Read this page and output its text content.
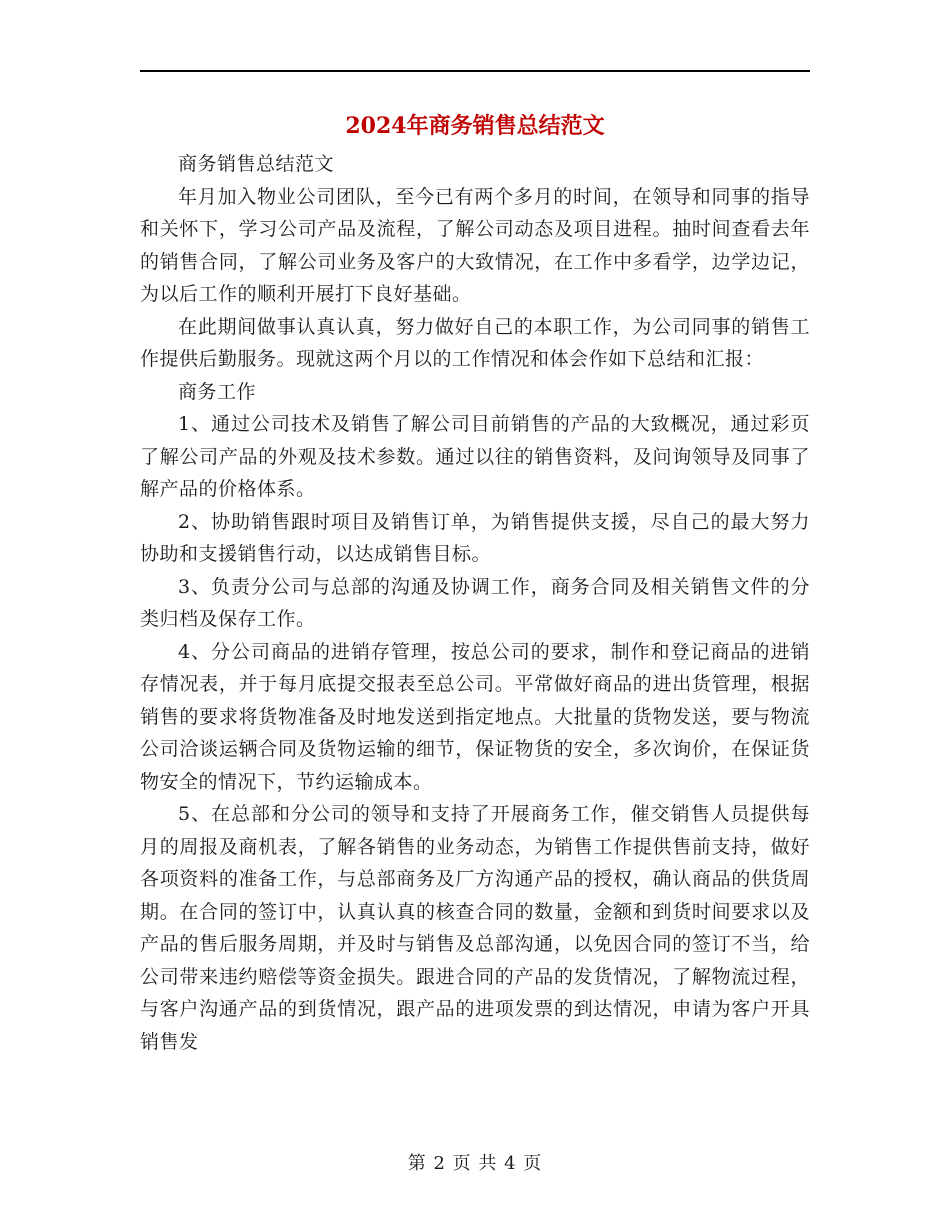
2024年商务销售总结范文

商务销售总结范文

年月加入物业公司团队，至今已有两个多月的时间，在领导和同事的指导和关怀下，学习公司产品及流程，了解公司动态及项目进程。抽时间查看去年的销售合同，了解公司业务及客户的大致情况，在工作中多看学，边学边记，为以后工作的顺利开展打下良好基础。

在此期间做事认真认真，努力做好自己的本职工作，为公司同事的销售工作提供后勤服务。现就这两个月以的工作情况和体会作如下总结和汇报：

商务工作

1、通过公司技术及销售了解公司目前销售的产品的大致概况，通过彩页了解公司产品的外观及技术参数。通过以往的销售资料，及问询领导及同事了解产品的价格体系。

2、协助销售跟时项目及销售订单，为销售提供支援，尽自己的最大努力协助和支援销售行动，以达成销售目标。

3、负责分公司与总部的沟通及协调工作，商务合同及相关销售文件的分类归档及保存工作。

4、分公司商品的进销存管理，按总公司的要求，制作和登记商品的进销存情况表，并于每月底提交报表至总公司。平常做好商品的进出货管理，根据销售的要求将货物准备及时地发送到指定地点。大批量的货物发送，要与物流公司洽谈运辆合同及货物运输的细节，保证物货的安全，多次询价，在保证货物安全的情况下，节约运输成本。

5、在总部和分公司的领导和支持了开展商务工作，催交销售人员提供每月的周报及商机表，了解各销售的业务动态，为销售工作提供售前支持，做好各项资料的准备工作，与总部商务及厂方沟通产品的授权，确认商品的供货周期。在合同的签订中，认真认真的核查合同的数量，金额和到货时间要求以及产品的售后服务周期，并及时与销售及总部沟通，以免因合同的签订不当，给公司带来违约赔偿等资金损失。跟进合同的产品的发货情况，了解物流过程，与客户沟通产品的到货情况，跟产品的进项发票的到达情况，申请为客户开具销售发

第 2 页 共 4 页
